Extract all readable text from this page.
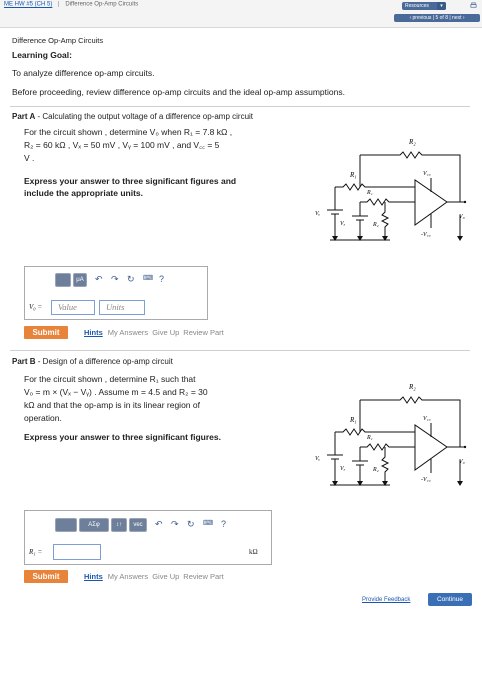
ME HW #5 (CH 5) Difference Op-Amp Circuits	Resources	▾
‹ previous | 5 of 8 | next ›
Difference Op-Amp Circuits
Learning Goal:
To analyze difference op-amp circuits.
Before proceeding, review difference op-amp circuits and the ideal op-amp assumptions.
Part A - Calculating the output voltage of a difference op-amp circuit
For the circuit shown , determine V₀ when R₁ = 7.8 kΩ ,
R₂ = 60 kΩ , Vₓ = 50 mV , Vᵧ = 100 mV , and V꜀꜀ = 5
V .
Express your answer to three significant figures and
include the appropriate units.
R₂
R₁
R₁
V꜀꜀
-V꜀꜀
Vᵧ
Vₓ	R₂
V₀
μA	↶ ↷ ↻ ⌨ ?
V₀ =	Value	Units
Submit	Hints My Answers Give Up Review Part
Part B - Design of a difference op-amp circuit
For the circuit shown , determine R₁ such that
V₀ = m × (Vₓ − Vᵧ) . Assume m = 4.5 and R₂ = 30
kΩ and that the op-amp is in its linear region of
operation.
Express your answer to three significant figures.
R₂
R₁
R₁
V꜀꜀
-V꜀꜀
Vᵧ
Vₓ	R₂
V₀
ΑΣφ	↕↑	vec	↶ ↷ ↻ ⌨ ?
R₁ =	kΩ
Submit	Hints My Answers Give Up Review Part
Provide Feedback	Continue
